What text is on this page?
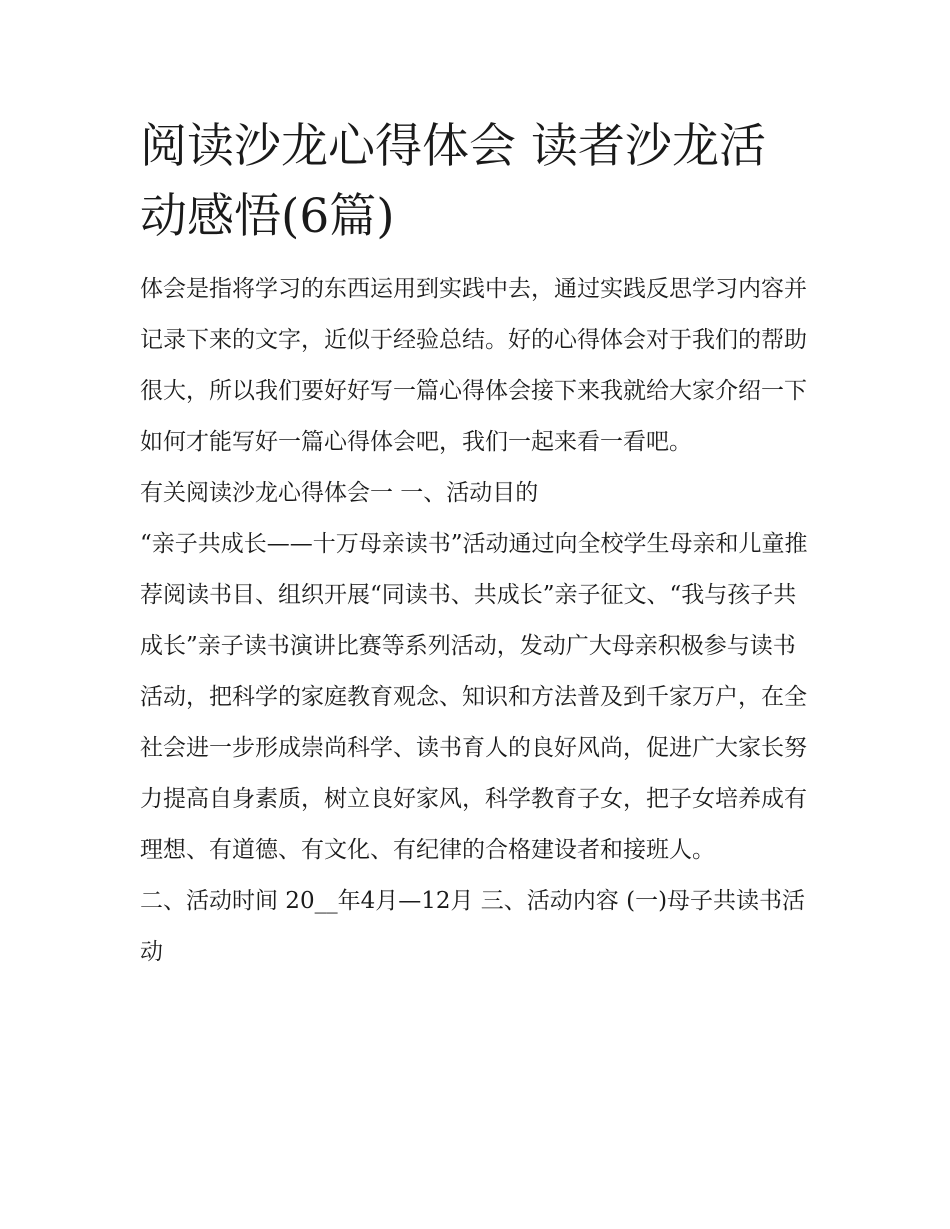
阅读沙龙心得体会 读者沙龙活动感悟(6篇)

体会是指将学习的东西运用到实践中去，通过实践反思学习内容并记录下来的文字，近似于经验总结。好的心得体会对于我们的帮助很大，所以我们要好好写一篇心得体会接下来我就给大家介绍一下如何才能写好一篇心得体会吧，我们一起来看一看吧。

有关阅读沙龙心得体会一 一、活动目的

“亲子共成长——十万母亲读书”活动通过向全校学生母亲和儿童推荐阅读书目、组织开展“同读书、共成长”亲子征文、“我与孩子共成长”亲子读书演讲比赛等系列活动，发动广大母亲积极参与读书活动，把科学的家庭教育观念、知识和方法普及到千家万户，在全社会进一步形成崇尚科学、读书育人的良好风尚，促进广大家长努力提高自身素质，树立良好家风，科学教育子女，把子女培养成有理想、有道德、有文化、有纪律的合格建设者和接班人。

二、活动时间 20__年4月—12月 三、活动内容 (一)母子共读书活动
